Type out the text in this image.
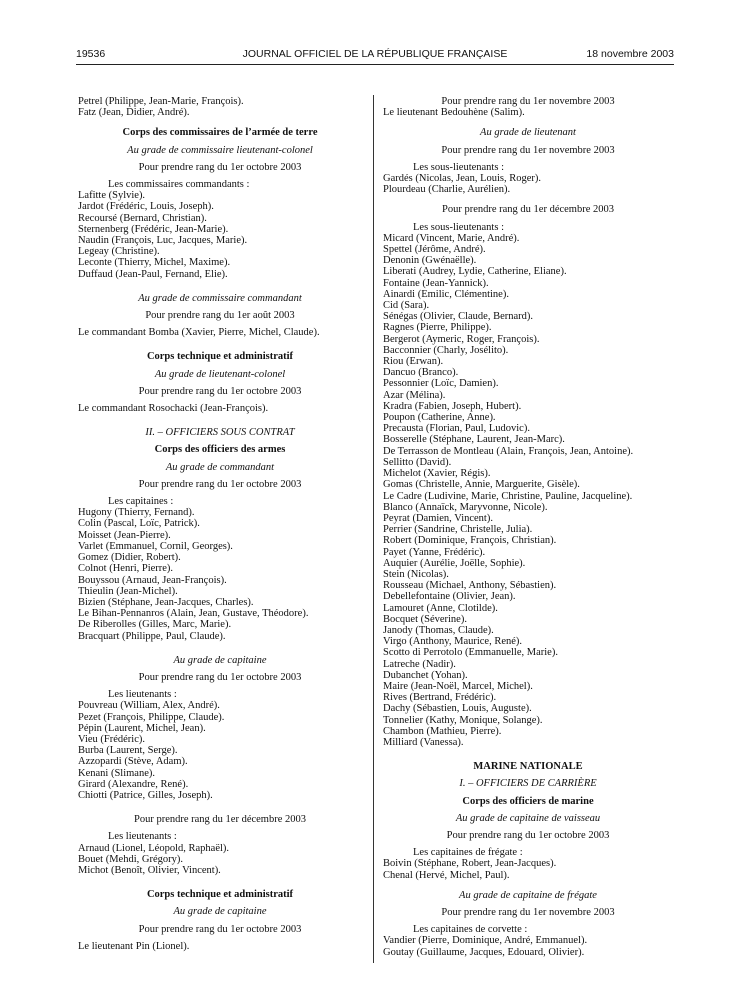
19536	JOURNAL OFFICIEL DE LA RÉPUBLIQUE FRANÇAISE	18 novembre 2003
Petrel (Philippe, Jean-Marie, François).
Fatz (Jean, Didier, André).
Corps des commissaires de l’armée de terre
Au grade de commissaire lieutenant-colonel
Pour prendre rang du 1er octobre 2003
Les commissaires commandants :
Lafitte (Sylvie).
Jardot (Frédéric, Louis, Joseph).
Recoursé (Bernard, Christian).
Sternenberg (Frédéric, Jean-Marie).
Naudin (François, Luc, Jacques, Marie).
Legeay (Christine).
Leconte (Thierry, Michel, Maxime).
Duffaud (Jean-Paul, Fernand, Elie).
Au grade de commissaire commandant
Pour prendre rang du 1er août 2003
Le commandant Bomba (Xavier, Pierre, Michel, Claude).
Corps technique et administratif
Au grade de lieutenant-colonel
Pour prendre rang du 1er octobre 2003
Le commandant Rosochacki (Jean-François).
II. – OFFICIERS SOUS CONTRAT
Corps des officiers des armes
Au grade de commandant
Pour prendre rang du 1er octobre 2003
Les capitaines :
Hugony (Thierry, Fernand).
Colin (Pascal, Loïc, Patrick).
Moisset (Jean-Pierre).
Varlet (Emmanuel, Cornil, Georges).
Gomez (Didier, Robert).
Colnot (Henri, Pierre).
Bouyssou (Arnaud, Jean-François).
Thieulin (Jean-Michel).
Bizien (Stéphane, Jean-Jacques, Charles).
Le Bihan-Pennanros (Alain, Jean, Gustave, Théodore).
De Riberolles (Gilles, Marc, Marie).
Bracquart (Philippe, Paul, Claude).
Au grade de capitaine
Pour prendre rang du 1er octobre 2003
Les lieutenants :
Pouvreau (William, Alex, André).
Pezet (François, Philippe, Claude).
Pépin (Laurent, Michel, Jean).
Vieu (Frédéric).
Burba (Laurent, Serge).
Azzopardi (Stève, Adam).
Kenani (Slimane).
Girard (Alexandre, René).
Chiotti (Patrice, Gilles, Joseph).
Pour prendre rang du 1er décembre 2003
Les lieutenants :
Arnaud (Lionel, Léopold, Raphaël).
Bouet (Mehdi, Grégory).
Michot (Benoît, Olivier, Vincent).
Corps technique et administratif
Au grade de capitaine
Pour prendre rang du 1er octobre 2003
Le lieutenant Pin (Lionel).
Pour prendre rang du 1er novembre 2003
Le lieutenant Bedouhène (Salim).
Au grade de lieutenant
Pour prendre rang du 1er novembre 2003
Les sous-lieutenants :
Gardés (Nicolas, Jean, Louis, Roger).
Plourdeau (Charlie, Aurélien).
Pour prendre rang du 1er décembre 2003
Les sous-lieutenants :
Micard (Vincent, Marie, André).
Spettel (Jérôme, André).
Denonin (Gwénaëlle).
Liberati (Audrey, Lydie, Catherine, Eliane).
Fontaine (Jean-Yannick).
Ainardi (Emilic, Clémentine).
Cid (Sara).
Sénégas (Olivier, Claude, Bernard).
Ragnes (Pierre, Philippe).
Bergerot (Aymeric, Roger, François).
Bacconnier (Charly, Josélito).
Riou (Erwan).
Dancuo (Branco).
Pessonnier (Loïc, Damien).
Azar (Mélina).
Kradra (Fabien, Joseph, Hubert).
Poupon (Catherine, Anne).
Precausta (Florian, Paul, Ludovic).
Bosserelle (Stéphane, Laurent, Jean-Marc).
De Terrasson de Montleau (Alain, François, Jean, Antoine).
Sellitto (David).
Michelot (Xavier, Régis).
Gomas (Christelle, Annie, Marguerite, Gisèle).
Le Cadre (Ludivine, Marie, Christine, Pauline, Jacqueline).
Blanco (Annaïck, Maryvonne, Nicole).
Peyrat (Damien, Vincent).
Perrier (Sandrine, Christelle, Julia).
Robert (Dominique, François, Christian).
Payet (Yanne, Frédéric).
Auquier (Aurélie, Joëlle, Sophie).
Stein (Nicolas).
Rousseau (Michael, Anthony, Sébastien).
Debellefontaine (Olivier, Jean).
Lamouret (Anne, Clotilde).
Bocquet (Séverine).
Janody (Thomas, Claude).
Virgo (Anthony, Maurice, René).
Scotto di Perrotolo (Emmanuelle, Marie).
Latreche (Nadir).
Dubanchet (Yohan).
Maire (Jean-Noël, Marcel, Michel).
Rives (Bertrand, Frédéric).
Dachy (Sébastien, Louis, Auguste).
Tonnelier (Kathy, Monique, Solange).
Chambon (Mathieu, Pierre).
Milliard (Vanessa).
MARINE NATIONALE
I. – OFFICIERS DE CARRIÈRE
Corps des officiers de marine
Au grade de capitaine de vaisseau
Pour prendre rang du 1er octobre 2003
Les capitaines de frégate :
Boivin (Stéphane, Robert, Jean-Jacques).
Chenal (Hervé, Michel, Paul).
Au grade de capitaine de frégate
Pour prendre rang du 1er novembre 2003
Les capitaines de corvette :
Vandier (Pierre, Dominique, André, Emmanuel).
Goutay (Guillaume, Jacques, Edouard, Olivier).
